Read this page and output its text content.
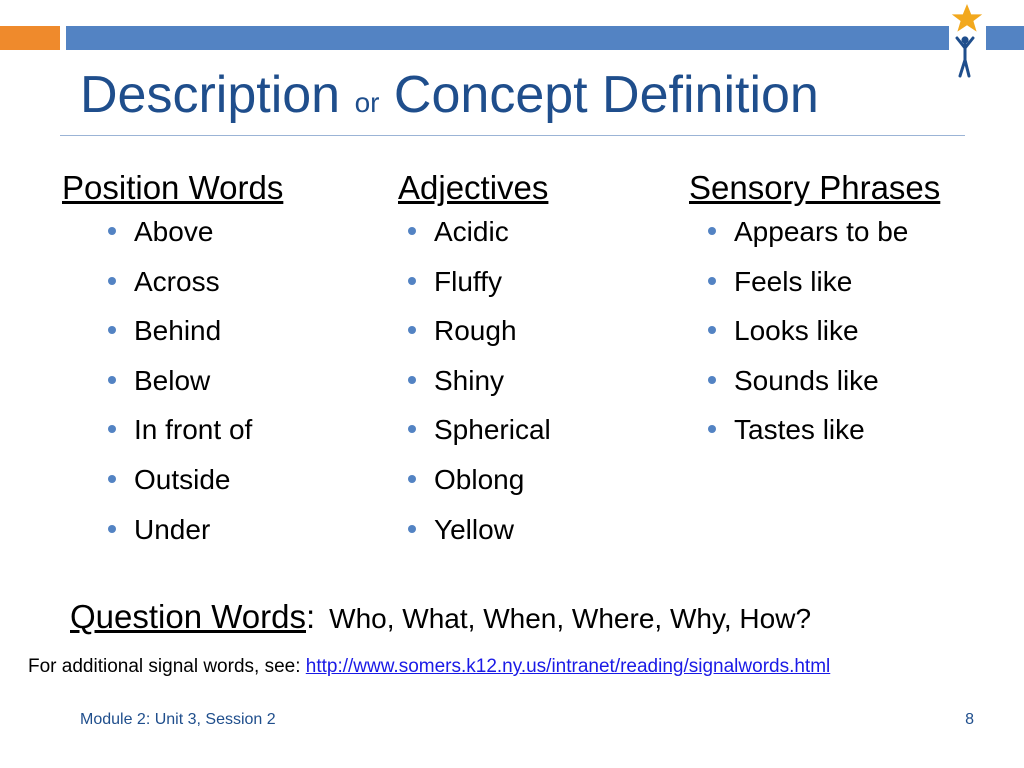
Description or Concept Definition
Position Words
Above
Across
Behind
Below
In front of
Outside
Under
Adjectives
Acidic
Fluffy
Rough
Shiny
Spherical
Oblong
Yellow
Sensory Phrases
Appears to be
Feels like
Looks like
Sounds like
Tastes like
Question Words: Who, What, When, Where, Why, How?
For additional signal words, see: http://www.somers.k12.ny.us/intranet/reading/signalwords.html
Module 2: Unit 3, Session 2	8
